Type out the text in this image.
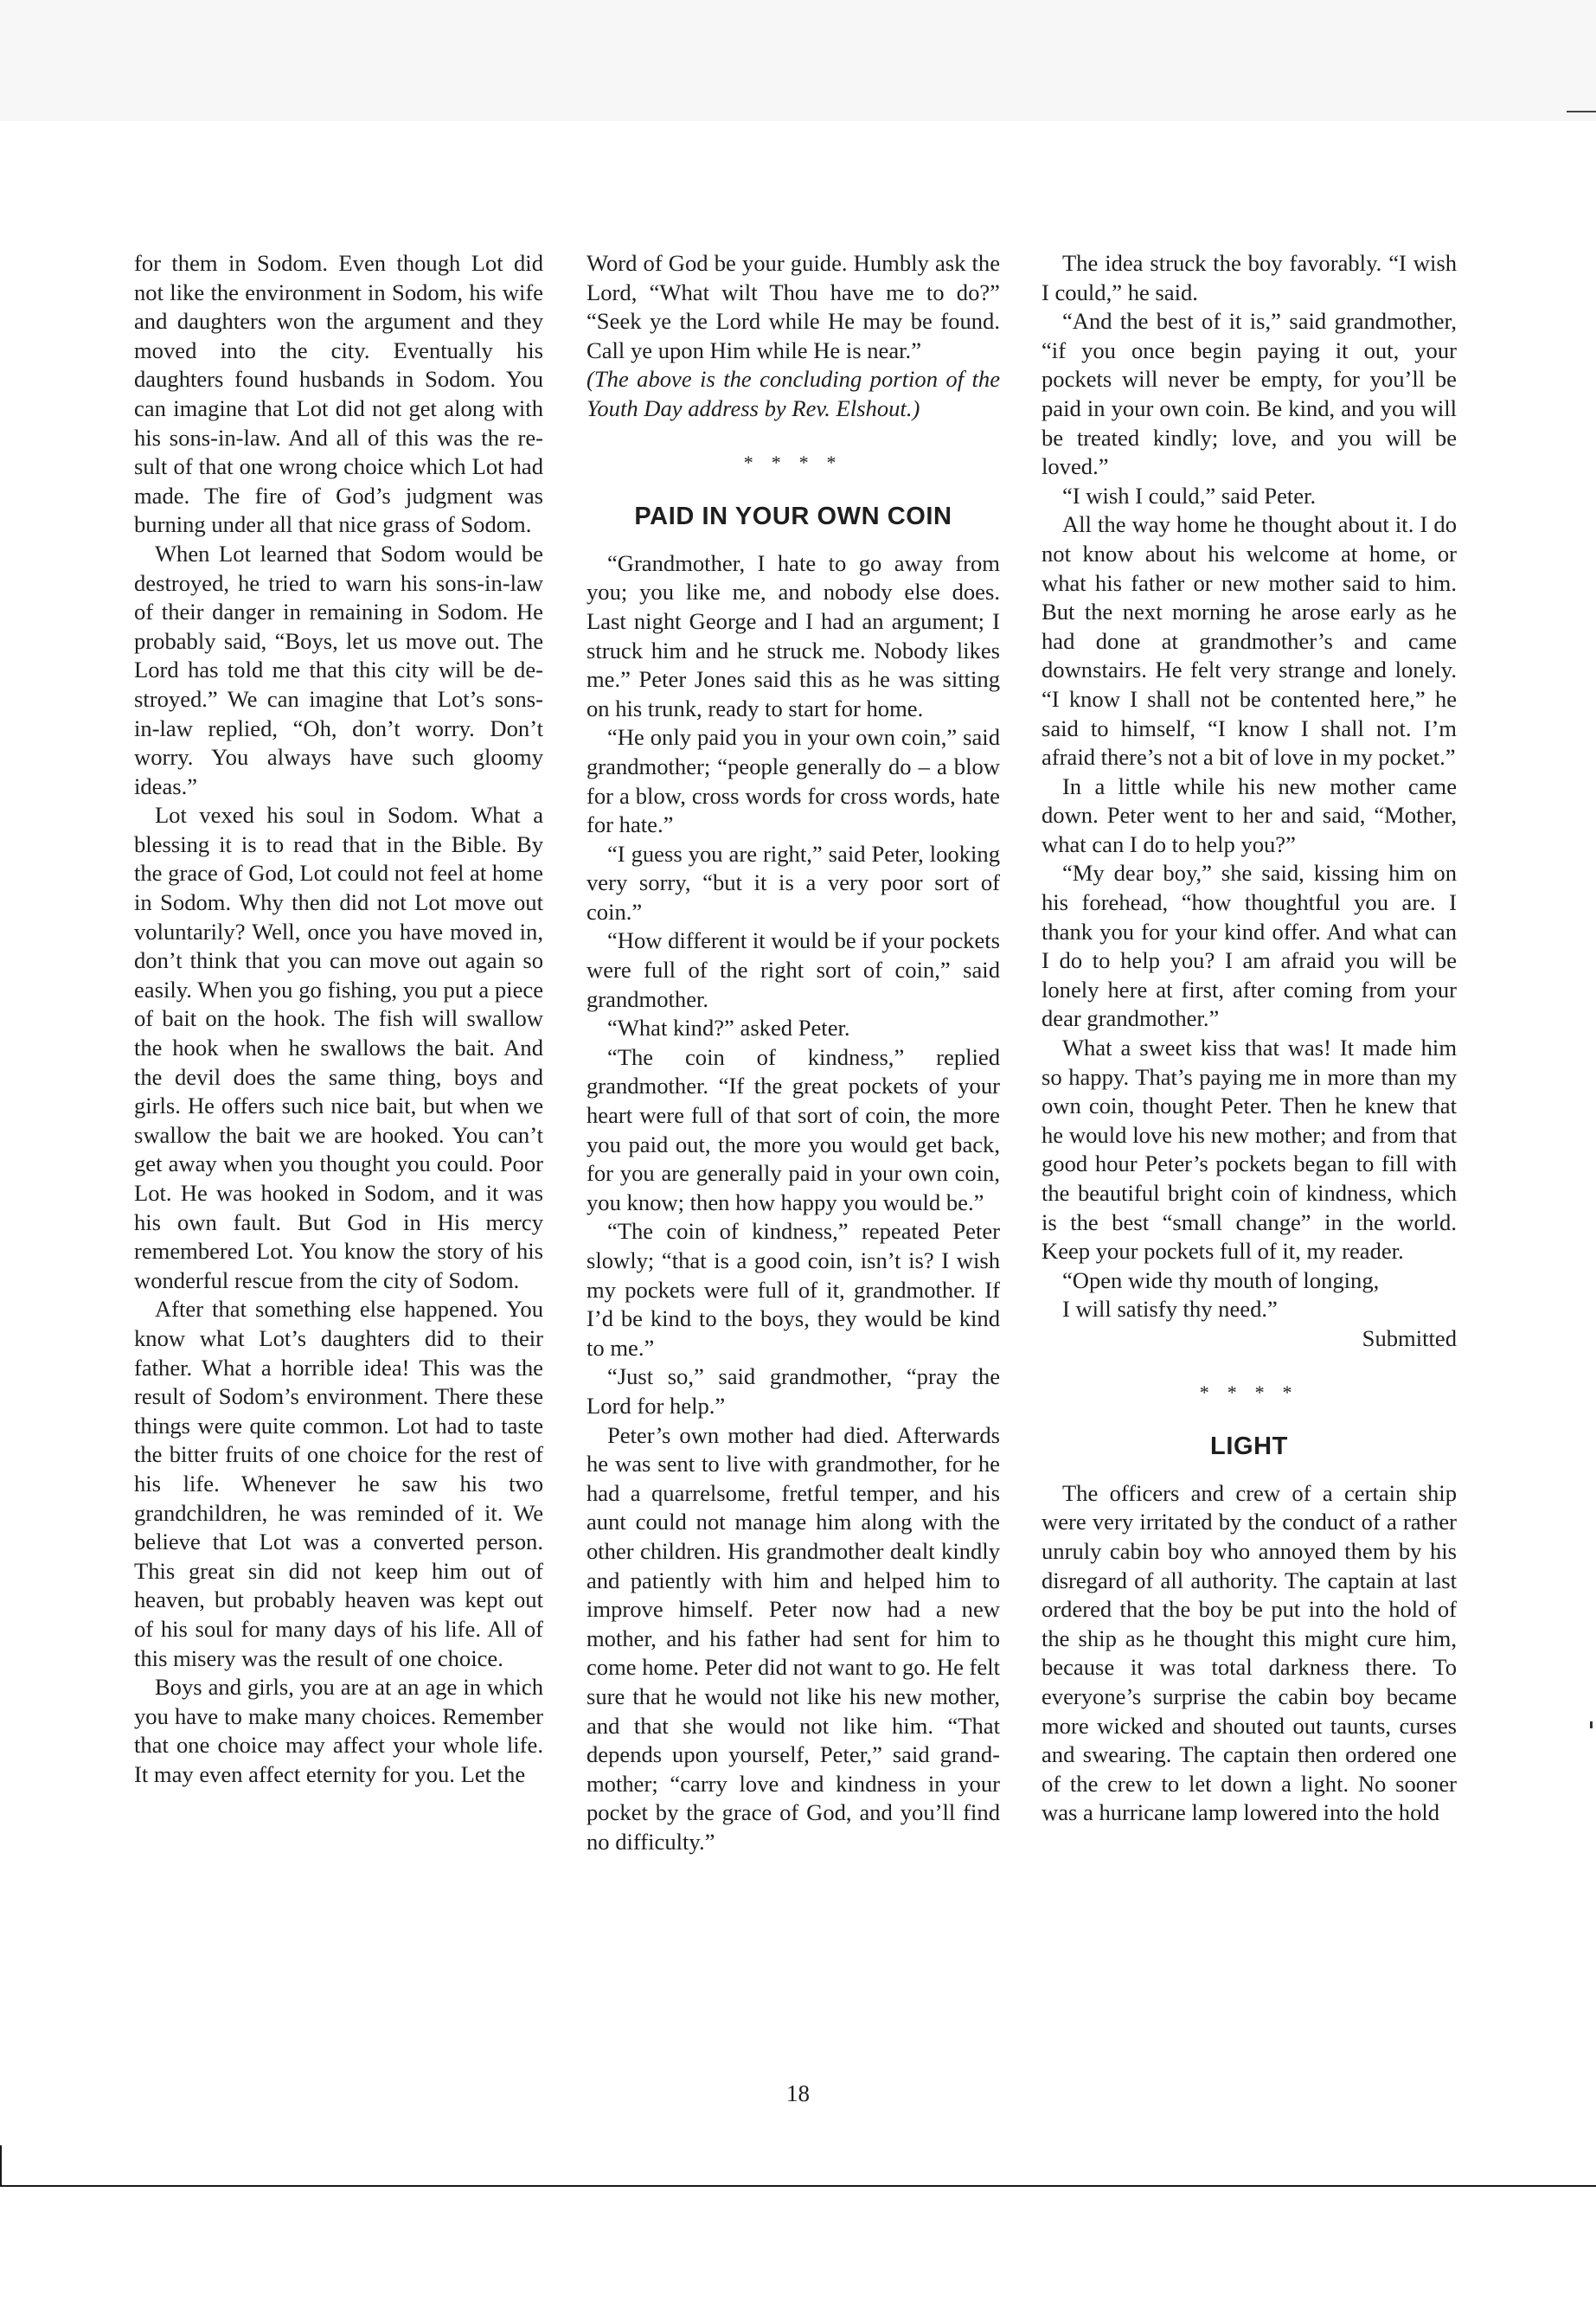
for them in Sodom. Even though Lot did not like the environment in Sodom, his wife and daughters won the argument and they moved into the city. Eventually his daughters found husbands in Sodom. You can imagine that Lot did not get along with his sons-in-law. And all of this was the result of that one wrong choice which Lot had made. The fire of God’s judgment was burning under all that nice grass of Sodom.

When Lot learned that Sodom would be destroyed, he tried to warn his sons-in-law of their danger in remaining in Sodom. He probably said, “Boys, let us move out. The Lord has told me that this city will be destroyed.” We can imagine that Lot’s sons-in-law replied, “Oh, don’t worry. Don’t worry. You always have such gloomy ideas.”

Lot vexed his soul in Sodom. What a blessing it is to read that in the Bible. By the grace of God, Lot could not feel at home in Sodom. Why then did not Lot move out voluntarily? Well, once you have moved in, don’t think that you can move out again so easily. When you go fishing, you put a piece of bait on the hook. The fish will swallow the hook when he swallows the bait. And the devil does the same thing, boys and girls. He offers such nice bait, but when we swallow the bait we are hooked. You can’t get away when you thought you could. Poor Lot. He was hooked in Sodom, and it was his own fault. But God in His mercy remembered Lot. You know the story of his wonderful rescue from the city of Sodom.

After that something else happened. You know what Lot’s daughters did to their father. What a horrible idea! This was the result of Sodom’s environment. There these things were quite common. Lot had to taste the bitter fruits of one choice for the rest of his life. Whenever he saw his two grandchildren, he was reminded of it. We believe that Lot was a converted person. This great sin did not keep him out of heaven, but probably heaven was kept out of his soul for many days of his life. All of this misery was the result of one choice.

Boys and girls, you are at an age in which you have to make many choices. Remember that one choice may affect your whole life. It may even affect eternity for you. Let the

Word of God be your guide. Humbly ask the Lord, “What wilt Thou have me to do?” “Seek ye the Lord while He may be found. Call ye upon Him while He is near.”

(The above is the concluding portion of the Youth Day address by Rev. Elshout.)

* * * *
PAID IN YOUR OWN COIN

“Grandmother, I hate to go away from you; you like me, and nobody else does. Last night George and I had an argument; I struck him and he struck me. Nobody likes me.” Peter Jones said this as he was sitting on his trunk, ready to start for home.

“He only paid you in your own coin,” said grandmother; “people generally do – a blow for a blow, cross words for cross words, hate for hate.”

“I guess you are right,” said Peter, looking very sorry, “but it is a very poor sort of coin.”

“How different it would be if your pockets were full of the right sort of coin,” said grandmother.

“What kind?” asked Peter.

“The coin of kindness,” replied grandmother. “If the great pockets of your heart were full of that sort of coin, the more you paid out, the more you would get back, for you are generally paid in your own coin, you know; then how happy you would be.”

“The coin of kindness,” repeated Peter slowly; “that is a good coin, isn’t is? I wish my pockets were full of it, grandmother. If I’d be kind to the boys, they would be kind to me.”

“Just so,” said grandmother, “pray the Lord for help.”

Peter’s own mother had died. Afterwards he was sent to live with grandmother, for he had a quarrelsome, fretful temper, and his aunt could not manage him along with the other children. His grandmother dealt kindly and patiently with him and helped him to improve himself. Peter now had a new mother, and his father had sent for him to come home. Peter did not want to go. He felt sure that he would not like his new mother, and that she would not like him. “That depends upon yourself, Peter,” said grandmother; “carry love and kindness in your pocket by the grace of God, and you’ll find no difficulty.”

The idea struck the boy favorably. “I wish I could,” he said.

“And the best of it is,” said grandmother, “if you once begin paying it out, your pockets will never be empty, for you’ll be paid in your own coin. Be kind, and you will be treated kindly; love, and you will be loved.”

“I wish I could,” said Peter.

All the way home he thought about it. I do not know about his welcome at home, or what his father or new mother said to him. But the next morning he arose early as he had done at grandmother’s and came downstairs. He felt very strange and lonely. “I know I shall not be contented here,” he said to himself, “I know I shall not. I’m afraid there’s not a bit of love in my pocket.”

In a little while his new mother came down. Peter went to her and said, “Mother, what can I do to help you?”

“My dear boy,” she said, kissing him on his forehead, “how thoughtful you are. I thank you for your kind offer. And what can I do to help you? I am afraid you will be lonely here at first, after coming from your dear grandmother.”

What a sweet kiss that was! It made him so happy. That’s paying me in more than my own coin, thought Peter. Then he knew that he would love his new mother; and from that good hour Peter’s pockets began to fill with the beautiful bright coin of kindness, which is the best “small change” in the world. Keep your pockets full of it, my reader.

“Open wide thy mouth of longing,

I will satisfy thy need.”

Submitted

* * * *
LIGHT

The officers and crew of a certain ship were very irritated by the conduct of a rather unruly cabin boy who annoyed them by his disregard of all authority. The captain at last ordered that the boy be put into the hold of the ship as he thought this might cure him, because it was total darkness there. To everyone’s surprise the cabin boy became more wicked and shouted out taunts, curses and swearing. The captain then ordered one of the crew to let down a light. No sooner was a hurricane lamp lowered into the hold

18
